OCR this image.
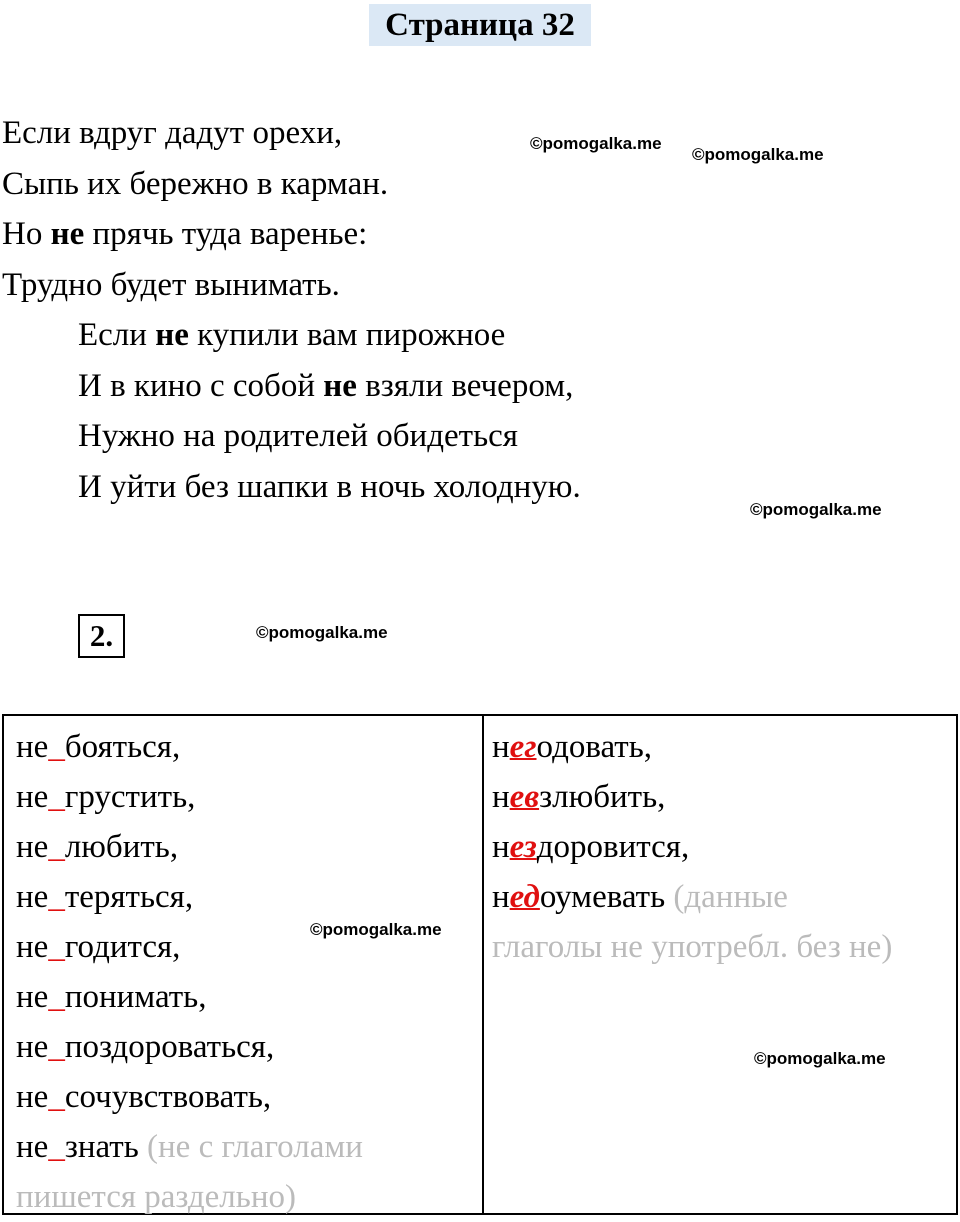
Страница 32
Если вдруг дадут орехи,
Сыпь их бережно в карман.
Но не прячь туда варенье:
Трудно будет вынимать.
Если не купили вам пирожное
И в кино с собой не взяли вечером,
Нужно на родителей обидеться
И уйти без шапки в ночь холодную.
©pomogalka.me
©pomogalka.me
©pomogalka.me
©pomogalka.me
2.
не_бояться,
не_грустить,
не_любить,
не_теряться,
не_годится,
не_понимать,
не_поздороваться,
не_сочувствовать,
не_знать (не с глаголами
пишется раздельно)
негодовать,
невзлюбить,
нездоровится,
недоумевать (данные
глаголы не употребл. без не)
©pomogalka.me
©pomogalka.me
